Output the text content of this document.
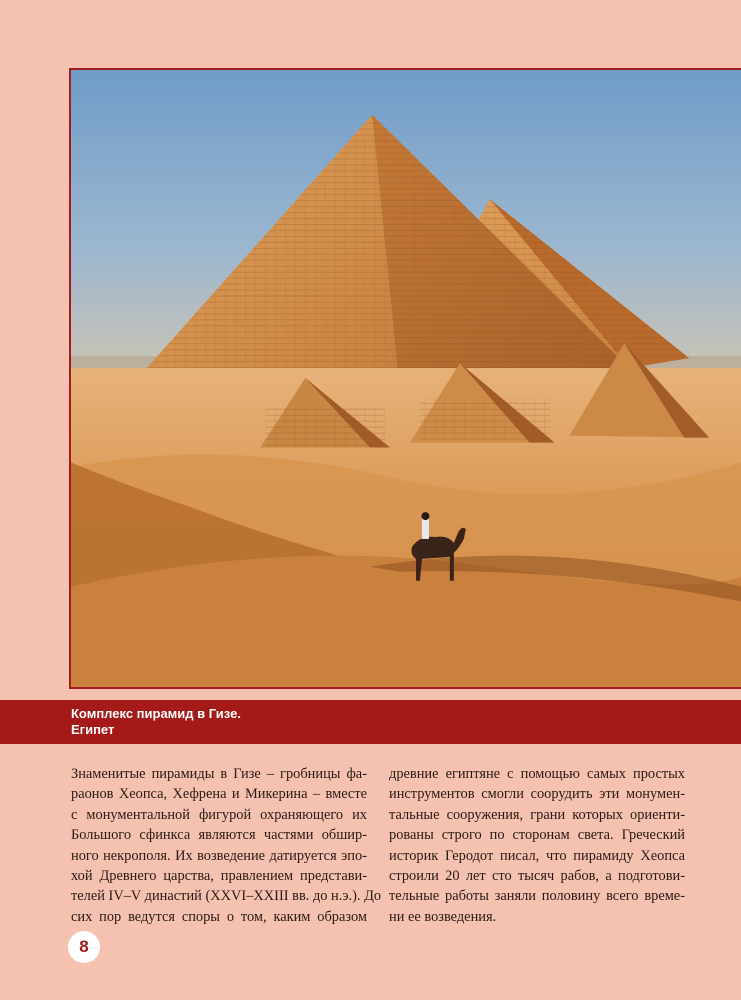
Комплекс пирамид в Гизе.
Египет
Знаменитые пирамиды в Гизе – гробницы фа-
раонов Хеопса, Хефрена и Микерина – вместе
с монументальной фигурой охраняющего их
Большого сфинкса являются частями обшир-
ного некрополя. Их возведение датируется эпо-
хой Древнего царства, правлением представи-
телей IV–V династий (XXVI–XXIII вв. до н.э.). До
сих пор ведутся споры о том, каким образом
древние египтяне с помощью самых простых
инструментов смогли соорудить эти монумен-
тальные сооружения, грани которых ориенти-
рованы строго по сторонам света. Греческий
историк Геродот писал, что пирамиду Хеопса
строили 20 лет сто тысяч рабов, а подготови-
тельные работы заняли половину всего време-
ни ее возведения.
8
